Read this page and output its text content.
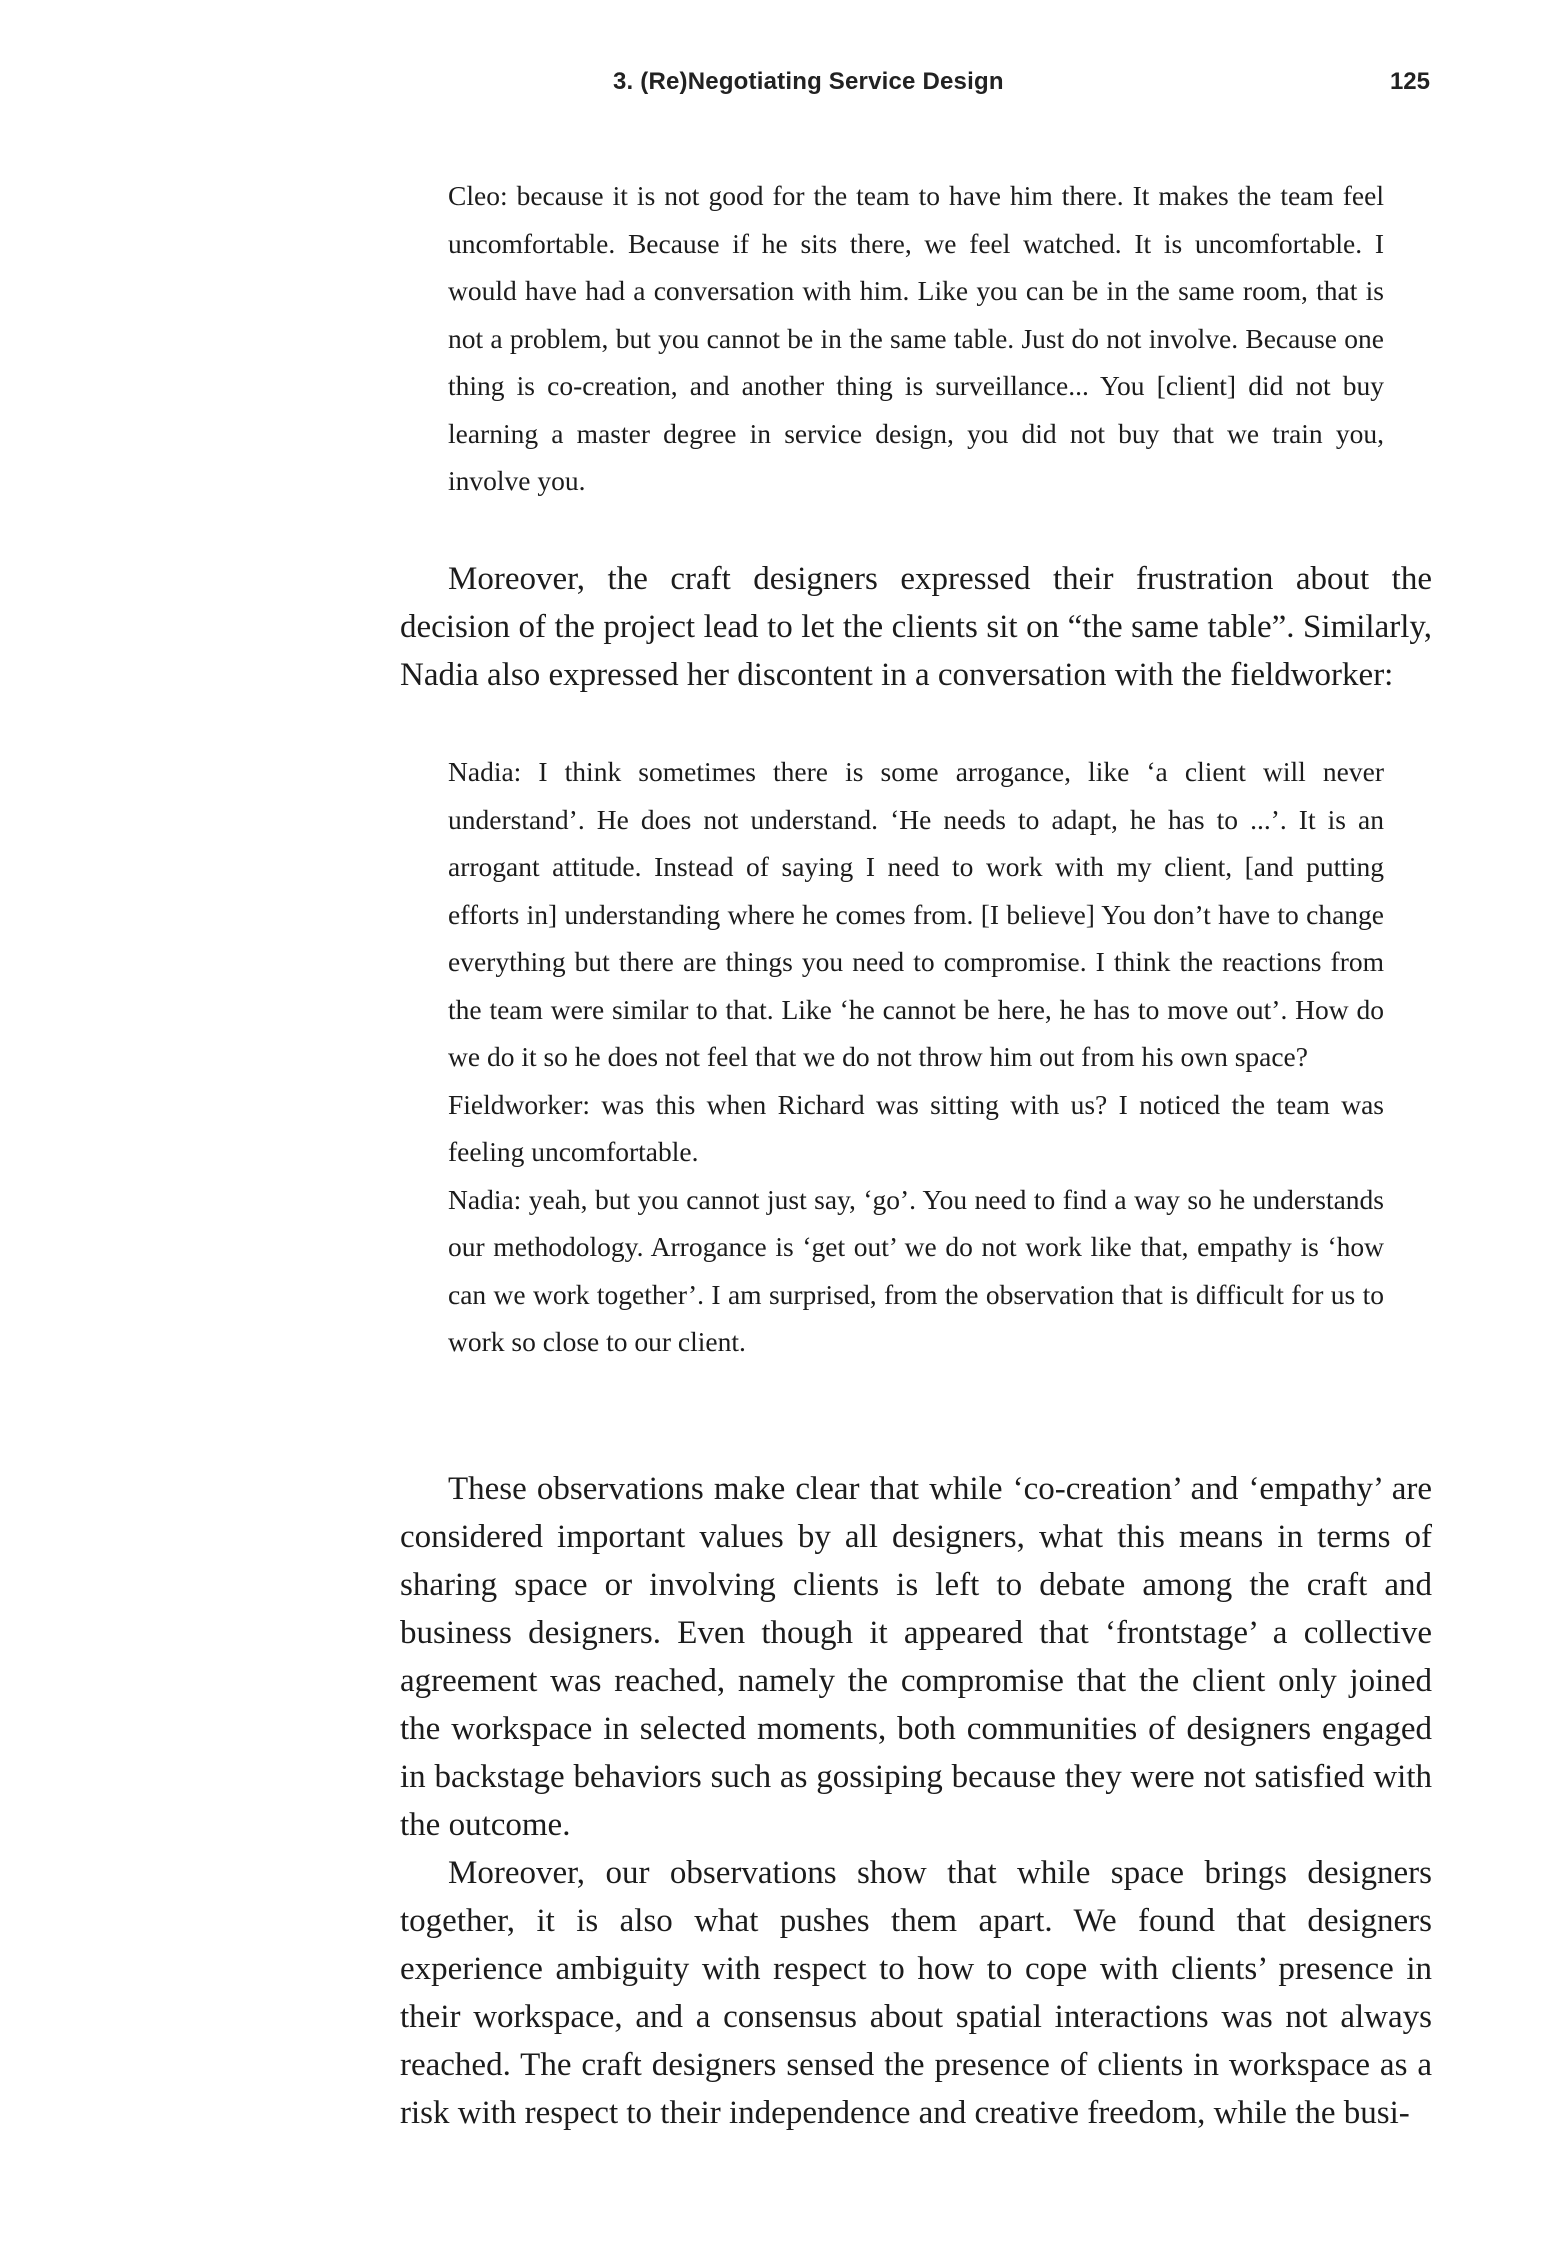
3. (Re)Negotiating Service Design	125

Cleo: because it is not good for the team to have him there. It makes the team feel uncomfortable. Because if he sits there, we feel watched. It is uncomfortable. I would have had a conversation with him. Like you can be in the same room, that is not a problem, but you cannot be in the same table. Just do not involve. Because one thing is co-creation, and another thing is surveillance... You [client] did not buy learning a master degree in service design, you did not buy that we train you, involve you.

Moreover, the craft designers expressed their frustration about the decision of the project lead to let the clients sit on “the same table”. Similarly, Nadia also expressed her discontent in a conversation with the fieldworker:

Nadia: I think sometimes there is some arrogance, like ‘a client will never understand’. He does not understand. ‘He needs to adapt, he has to ...’. It is an arrogant attitude. Instead of saying I need to work with my client, [and putting efforts in] understanding where he comes from. [I believe] You don’t have to change everything but there are things you need to compromise. I think the reactions from the team were similar to that. Like ‘he cannot be here, he has to move out’. How do we do it so he does not feel that we do not throw him out from his own space?

Fieldworker: was this when Richard was sitting with us? I noticed the team was feeling uncomfortable.

Nadia: yeah, but you cannot just say, ‘go’. You need to find a way so he understands our methodology. Arrogance is ‘get out’ we do not work like that, empathy is ‘how can we work together’. I am surprised, from the observation that is difficult for us to work so close to our client.

These observations make clear that while ‘co-creation’ and ‘empathy’ are considered important values by all designers, what this means in terms of sharing space or involving clients is left to debate among the craft and business designers. Even though it appeared that ‘frontstage’ a collective agreement was reached, namely the compromise that the client only joined the workspace in selected moments, both communities of designers engaged in backstage behaviors such as gossiping because they were not satisfied with the outcome.

Moreover, our observations show that while space brings designers together, it is also what pushes them apart. We found that designers experience ambiguity with respect to how to cope with clients’ presence in their workspace, and a consensus about spatial interactions was not always reached. The craft designers sensed the presence of clients in workspace as a risk with respect to their independence and creative freedom, while the busi-
